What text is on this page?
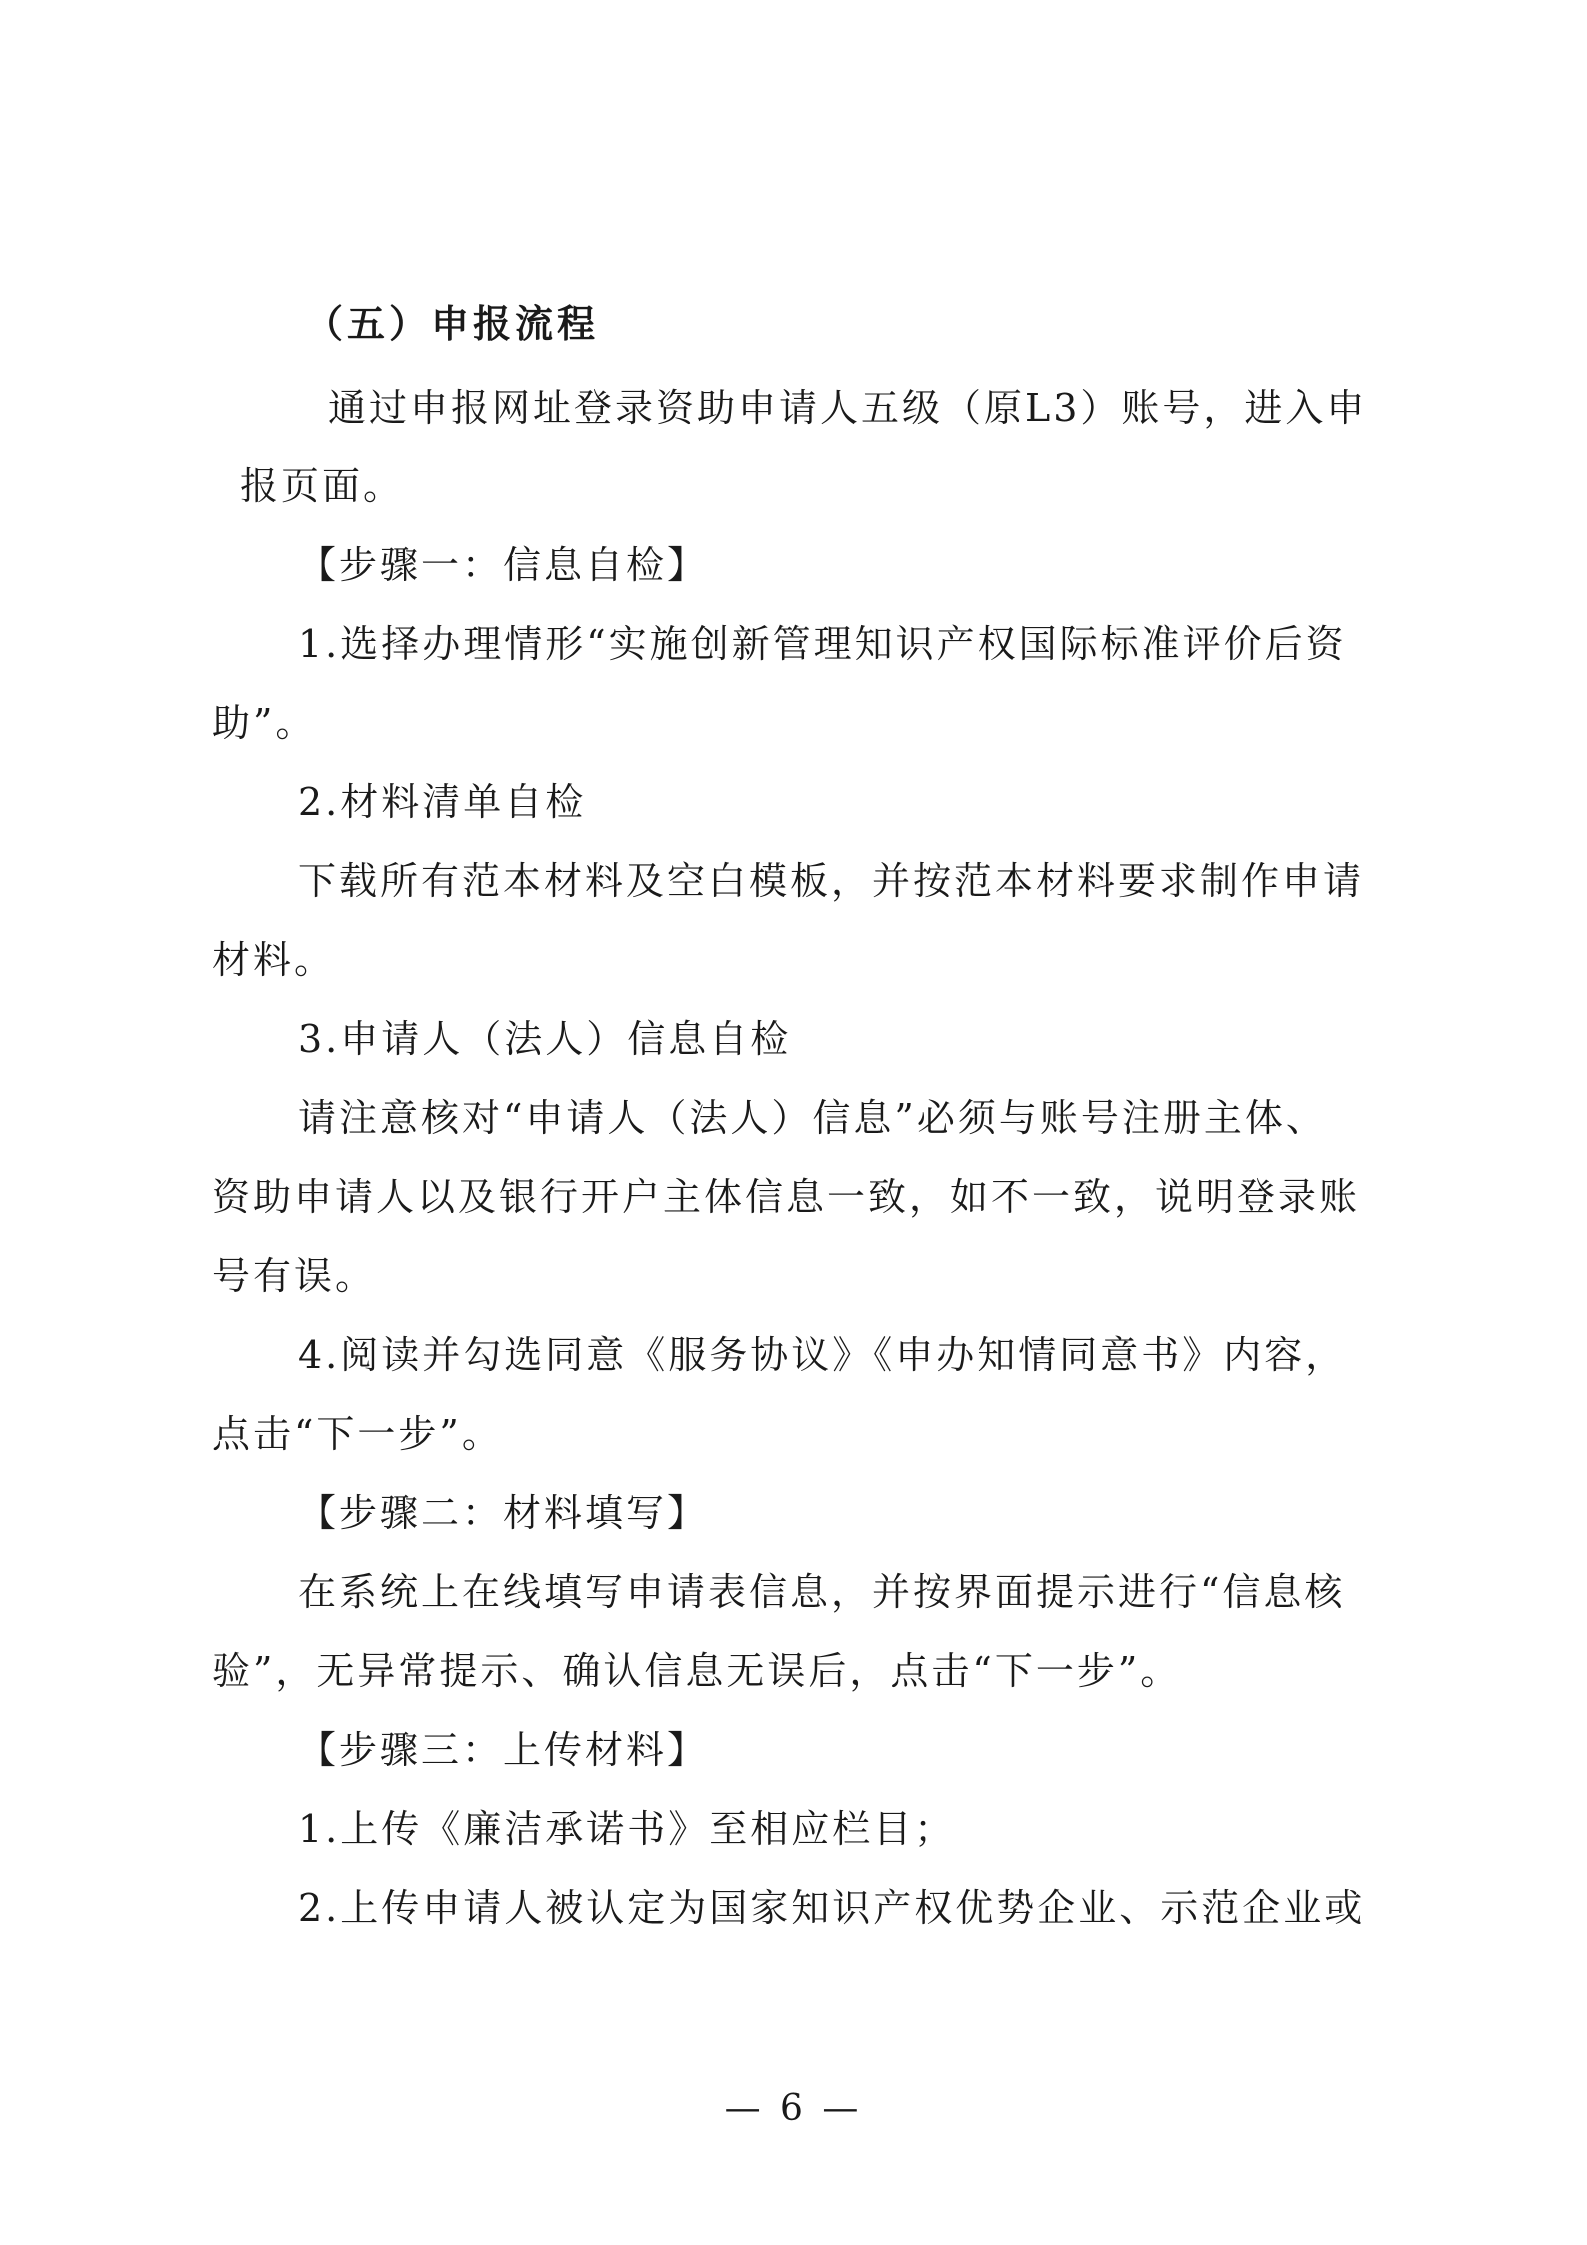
（五）申报流程
通过申报网址登录资助申请人五级（原L3）账号，进入申
报页面。
【步骤一：信息自检】
1.选择办理情形“实施创新管理知识产权国际标准评价后资
助”。
2.材料清单自检
下载所有范本材料及空白模板，并按范本材料要求制作申请
材料。
3.申请人（法人）信息自检
请注意核对“申请人（法人）信息”必须与账号注册主体、
资助申请人以及银行开户主体信息一致，如不一致，说明登录账
号有误。
4.阅读并勾选同意《服务协议》《申办知情同意书》内容，
点击“下一步”。
【步骤二：材料填写】
在系统上在线填写申请表信息，并按界面提示进行“信息核
验”，无异常提示、确认信息无误后，点击“下一步”。
【步骤三：上传材料】
1.上传《廉洁承诺书》至相应栏目；
2.上传申请人被认定为国家知识产权优势企业、示范企业或
— 6 —
